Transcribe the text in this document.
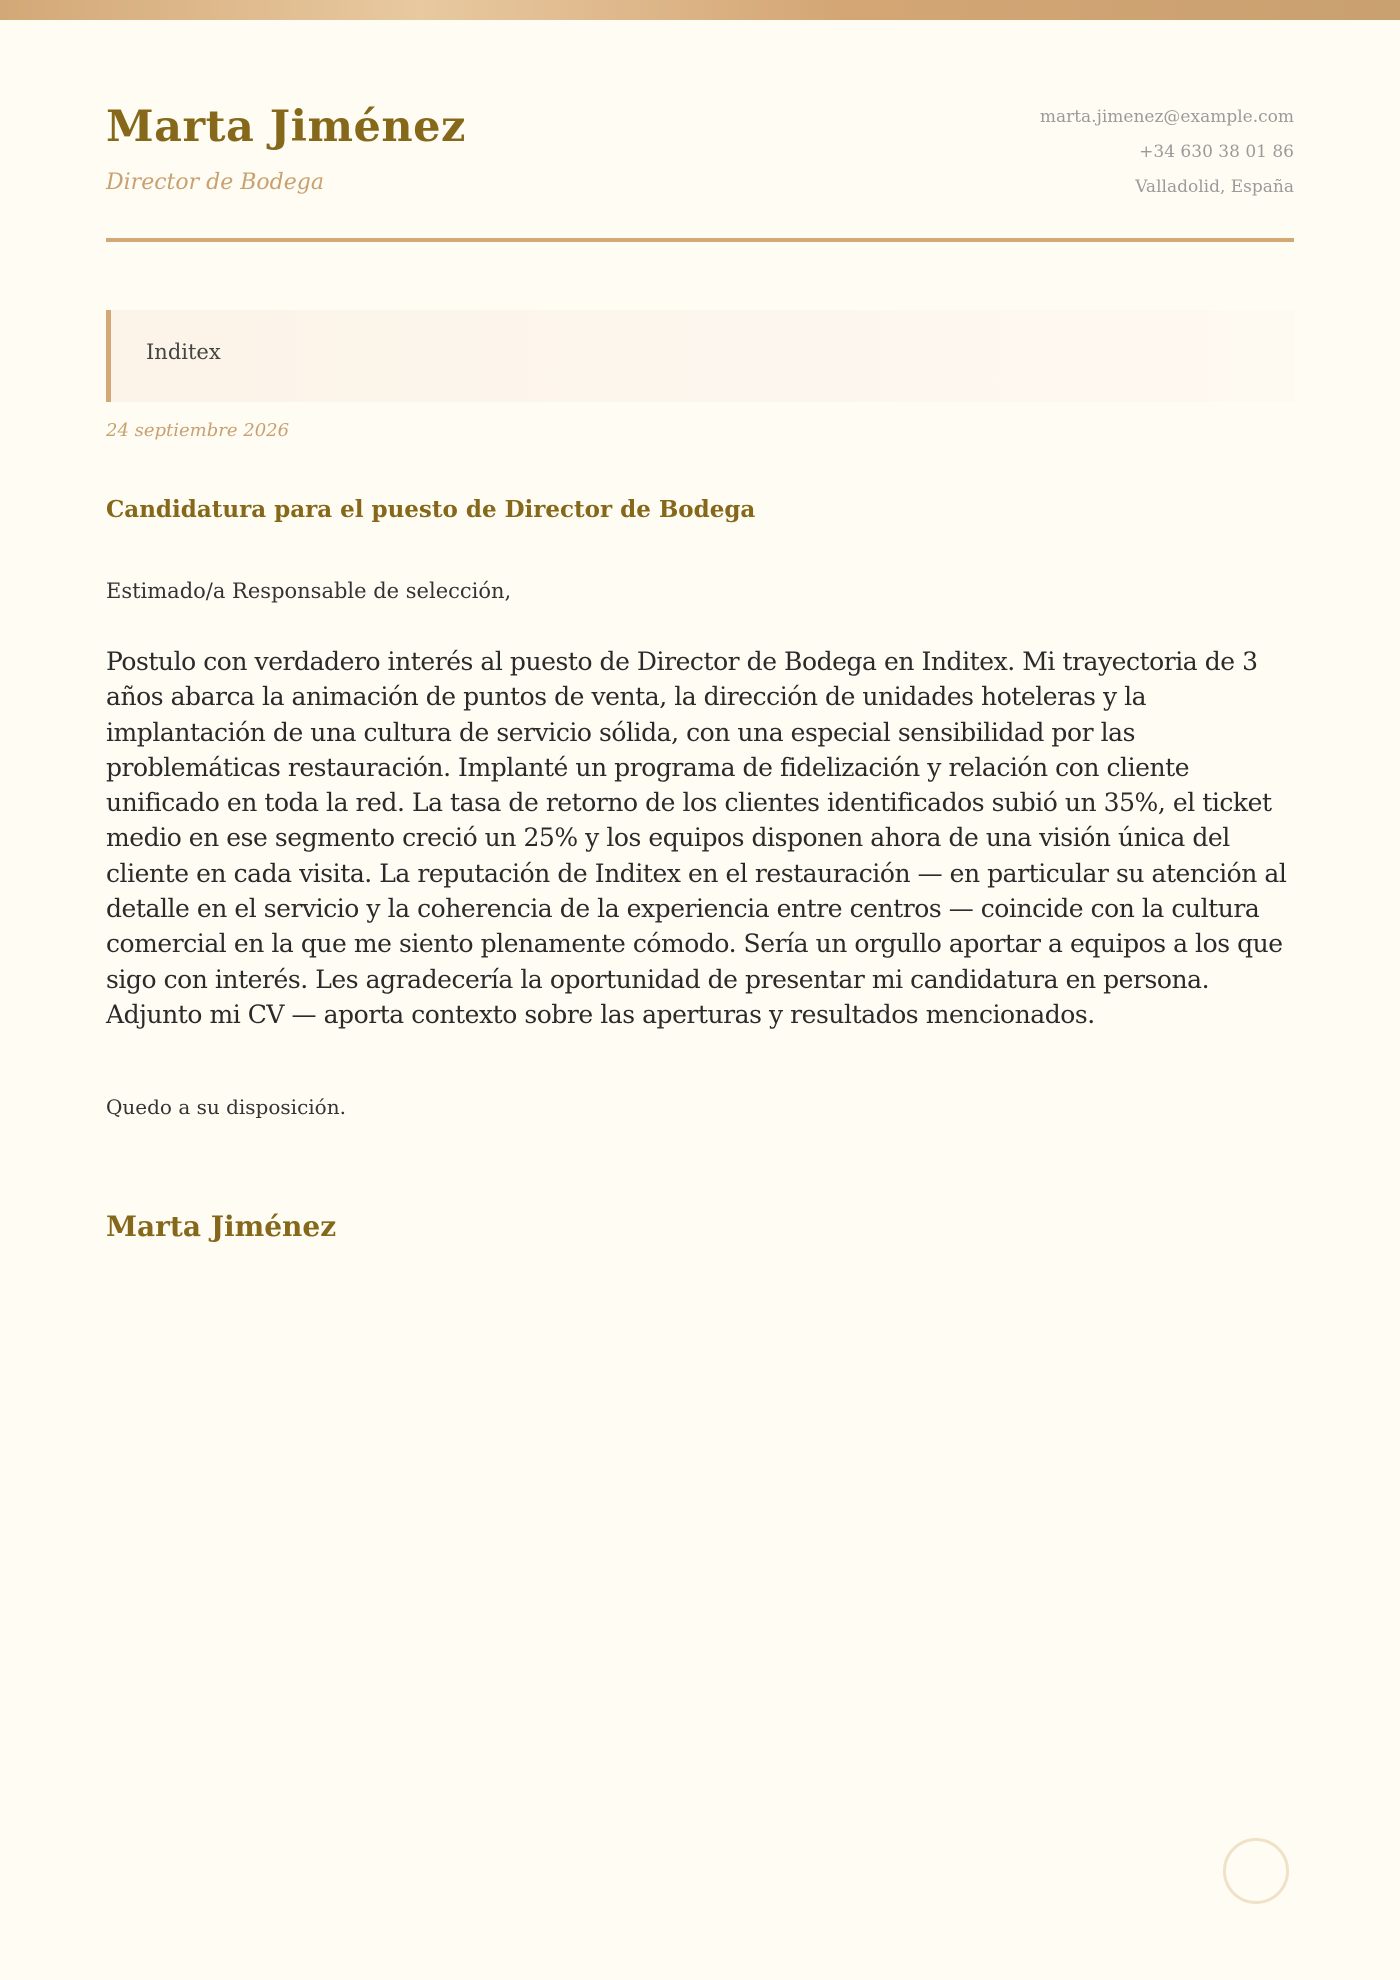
Marta Jiménez
Director de Bodega
marta.jimenez@example.com
+34 630 38 01 86
Valladolid, España
Inditex
24 septiembre 2026
Candidatura para el puesto de Director de Bodega
Estimado/a Responsable de selección,

Postulo con verdadero interés al puesto de Director de Bodega en Inditex. Mi trayectoria de 3 años abarca la animación de puntos de venta, la dirección de unidades hoteleras y la implantación de una cultura de servicio sólida, con una especial sensibilidad por las problemáticas restauración. Implanté un programa de fidelización y relación con cliente unificado en toda la red. La tasa de retorno de los clientes identificados subió un 35%, el ticket medio en ese segmento creció un 25% y los equipos disponen ahora de una visión única del cliente en cada visita. La reputación de Inditex en el restauración — en particular su atención al detalle en el servicio y la coherencia de la experiencia entre centros — coincide con la cultura comercial en la que me siento plenamente cómodo. Sería un orgullo aportar a equipos a los que sigo con interés. Les agradecería la oportunidad de presentar mi candidatura en persona. Adjunto mi CV — aporta contexto sobre las aperturas y resultados mencionados.

Quedo a su disposición.
Marta Jiménez
